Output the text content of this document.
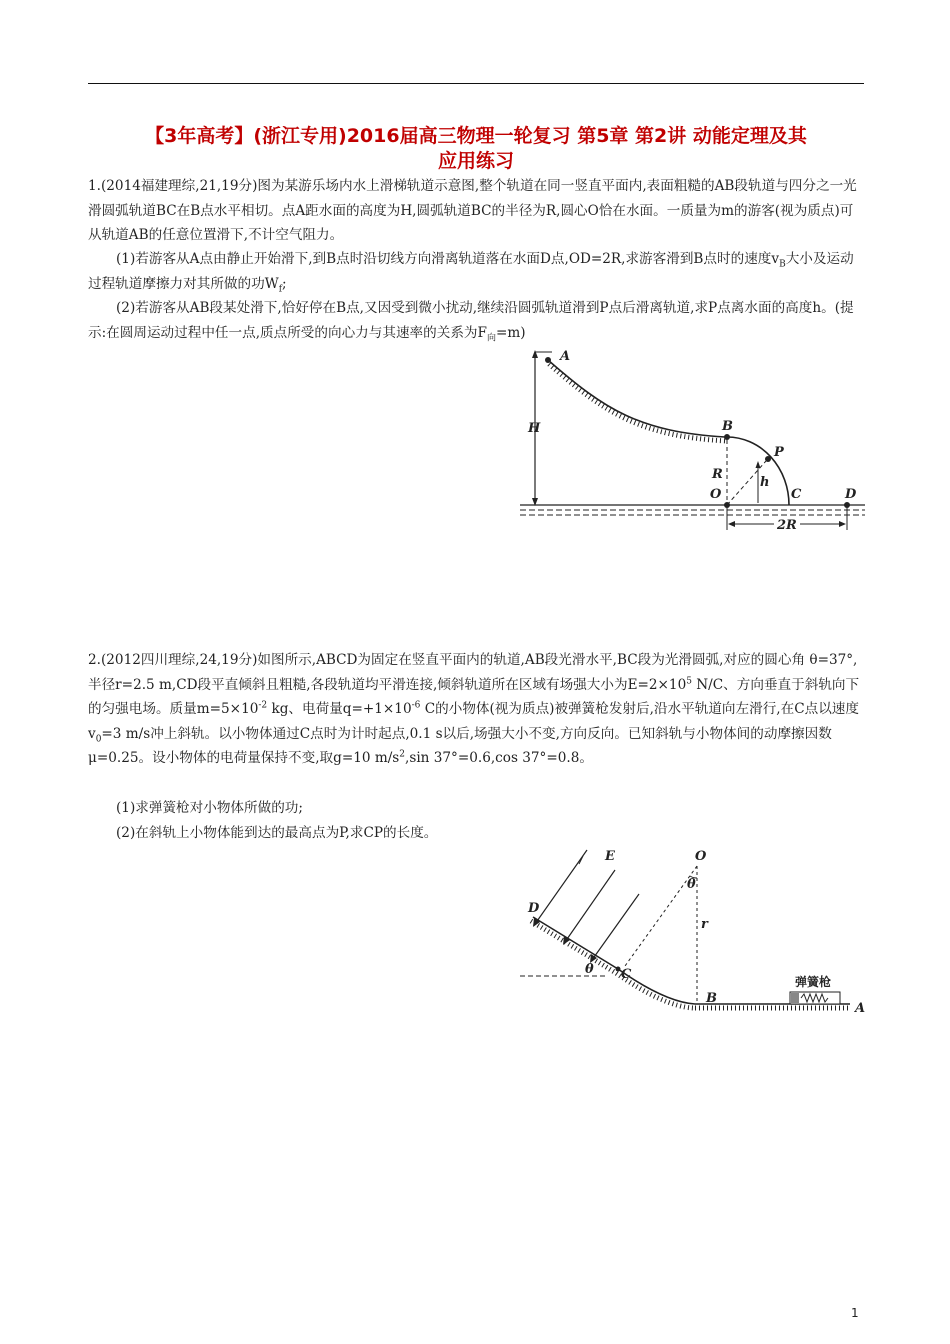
【3年高考】(浙江专用)2016届高三物理一轮复习 第5章 第2讲 动能定理及其
应用练习

1.(2014福建理综,21,19分)图为某游乐场内水上滑梯轨道示意图,整个轨道在同一竖直平面内,表面粗糙的AB段轨道与四分之一光滑圆弧轨道BC在B点水平相切。点A距水面的高度为H,圆弧轨道BC的半径为R,圆心O恰在水面。一质量为m的游客(视为质点)可从轨道AB的任意位置滑下,不计空气阻力。

(1)若游客从A点由静止开始滑下,到B点时沿切线方向滑离轨道落在水面D点,OD=2R,求游客滑到B点时的速度$v_B$大小及运动过程轨道摩擦力对其所做的功$W_f$;

(2)若游客从AB段某处滑下,恰好停在B点,又因受到微小扰动,继续沿圆弧轨道滑到P点后滑离轨道,求P点离水面的高度h。(提示:在圆周运动过程中任一点,质点所受的向心力与其速率的关系为$F_向=m$)

H
A
B
P
R
h
O	C	D
2R

2.(2012四川理综,24,19分)如图所示,ABCD为固定在竖直平面内的轨道,AB段光滑水平,BC段为光滑圆弧,对应的圆心角 θ=37°,半径r=2.5 m,CD段平直倾斜且粗糙,各段轨道均平滑连接,倾斜轨道所在区域有场强大小为$E=2\times 10^5$ N/C、方向垂直于斜轨向下的匀强电场。质量$m=5\times 10^{-2}$ kg、电荷量$q=+1\times 10^{-6}$ C的小物体(视为质点)被弹簧枪发射后,沿水平轨道向左滑行,在C点以速度$v_0=3$ m/s冲上斜轨。以小物体通过C点时为计时起点,0.1 s以后,场强大小不变,方向反向。已知斜轨与小物体间的动摩擦因数 μ=0.25。设小物体的电荷量保持不变,取g=10 $m/s^2,\sin$ 37°=0.6,cos 37°=0.8。

(1)求弹簧枪对小物体所做的功;

(2)在斜轨上小物体能到达的最高点为P,求CP的长度。

E
D
O
θ
r
θ C
B
A
弹簧枪
1
